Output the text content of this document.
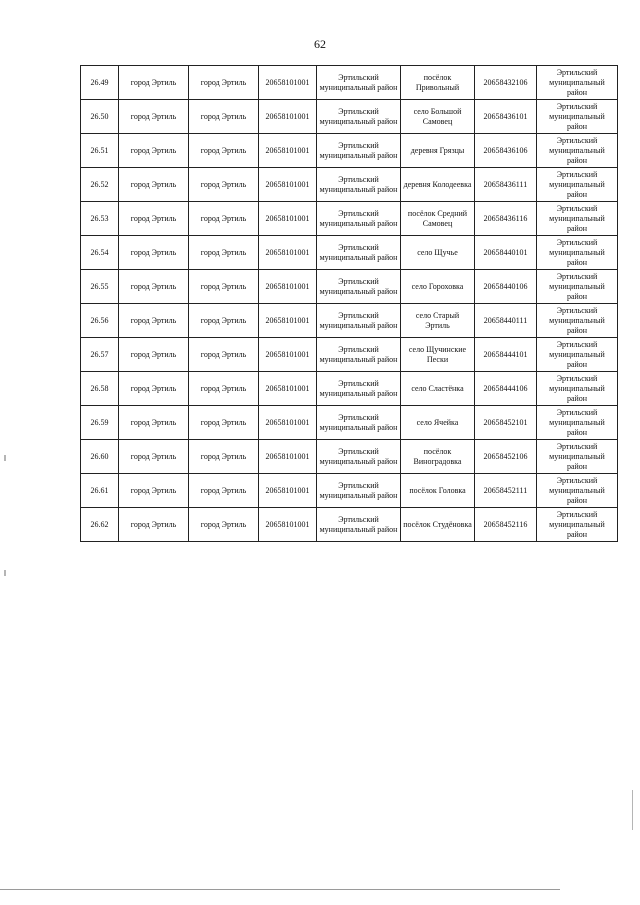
62
26.49	город Эртиль	город Эртиль	20658101001	Эртильский муниципальный район	посёлок Привольный	20658432106	Эртильский муниципальный район
26.50	город Эртиль	город Эртиль	20658101001	Эртильский муниципальный район	село Большой Самовец	20658436101	Эртильский муниципальный район
26.51	город Эртиль	город Эртиль	20658101001	Эртильский муниципальный район	деревня Грязцы	20658436106	Эртильский муниципальный район
26.52	город Эртиль	город Эртиль	20658101001	Эртильский муниципальный район	деревня Колодеевка	20658436111	Эртильский муниципальный район
26.53	город Эртиль	город Эртиль	20658101001	Эртильский муниципальный район	посёлок Средний Самовец	20658436116	Эртильский муниципальный район
26.54	город Эртиль	город Эртиль	20658101001	Эртильский муниципальный район	село Щучье	20658440101	Эртильский муниципальный район
26.55	город Эртиль	город Эртиль	20658101001	Эртильский муниципальный район	село Гороховка	20658440106	Эртильский муниципальный район
26.56	город Эртиль	город Эртиль	20658101001	Эртильский муниципальный район	село Старый Эртиль	20658440111	Эртильский муниципальный район
26.57	город Эртиль	город Эртиль	20658101001	Эртильский муниципальный район	село Щучинские Пески	20658444101	Эртильский муниципальный район
26.58	город Эртиль	город Эртиль	20658101001	Эртильский муниципальный район	село Сластёнка	20658444106	Эртильский муниципальный район
26.59	город Эртиль	город Эртиль	20658101001	Эртильский муниципальный район	село Ячейка	20658452101	Эртильский муниципальный район
26.60	город Эртиль	город Эртиль	20658101001	Эртильский муниципальный район	посёлок Виноградовка	20658452106	Эртильский муниципальный район
26.61	город Эртиль	город Эртиль	20658101001	Эртильский муниципальный район	посёлок Головка	20658452111	Эртильский муниципальный район
26.62	город Эртиль	город Эртиль	20658101001	Эртильский муниципальный район	посёлок Студёновка	20658452116	Эртильский муниципальный район
